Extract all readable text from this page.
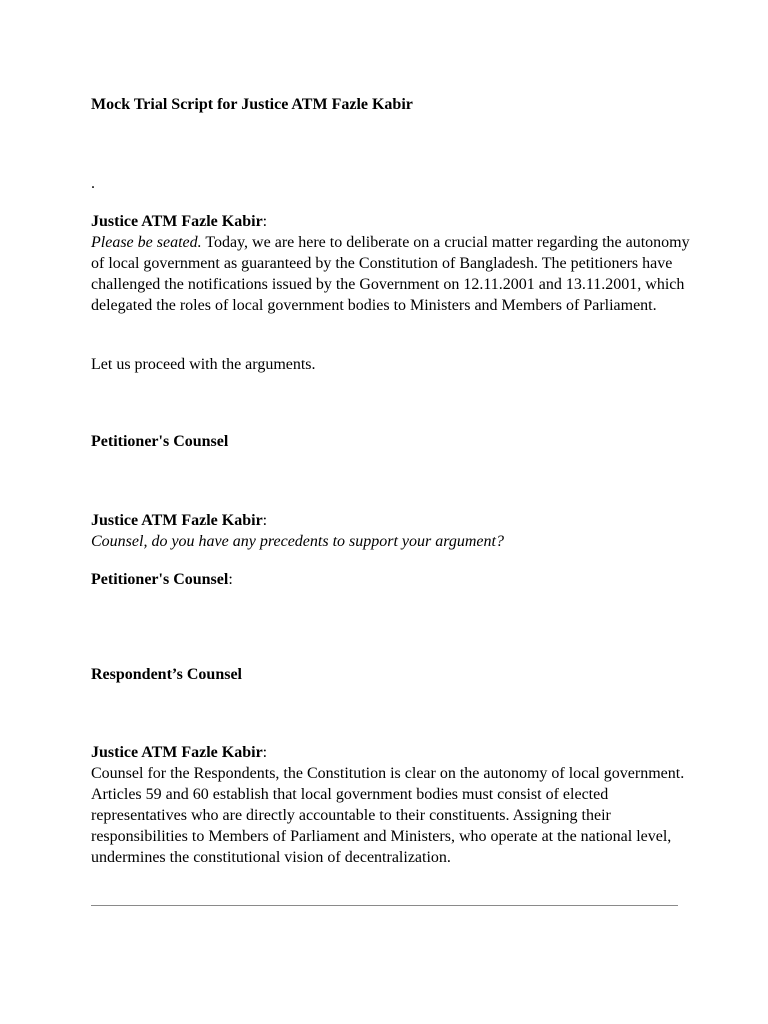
Mock Trial Script for Justice ATM Fazle Kabir

.

Justice ATM Fazle Kabir:

Please be seated. Today, we are here to deliberate on a crucial matter regarding the autonomy of local government as guaranteed by the Constitution of Bangladesh. The petitioners have challenged the notifications issued by the Government on 12.11.2001 and 13.11.2001, which delegated the roles of local government bodies to Ministers and Members of Parliament.

Let us proceed with the arguments.

Petitioner's Counsel

Justice ATM Fazle Kabir:

Counsel, do you have any precedents to support your argument?

Petitioner's Counsel:

Respondent’s Counsel

Justice ATM Fazle Kabir:

Counsel for the Respondents, the Constitution is clear on the autonomy of local government. Articles 59 and 60 establish that local government bodies must consist of elected representatives who are directly accountable to their constituents. Assigning their responsibilities to Members of Parliament and Ministers, who operate at the national level, undermines the constitutional vision of decentralization.
